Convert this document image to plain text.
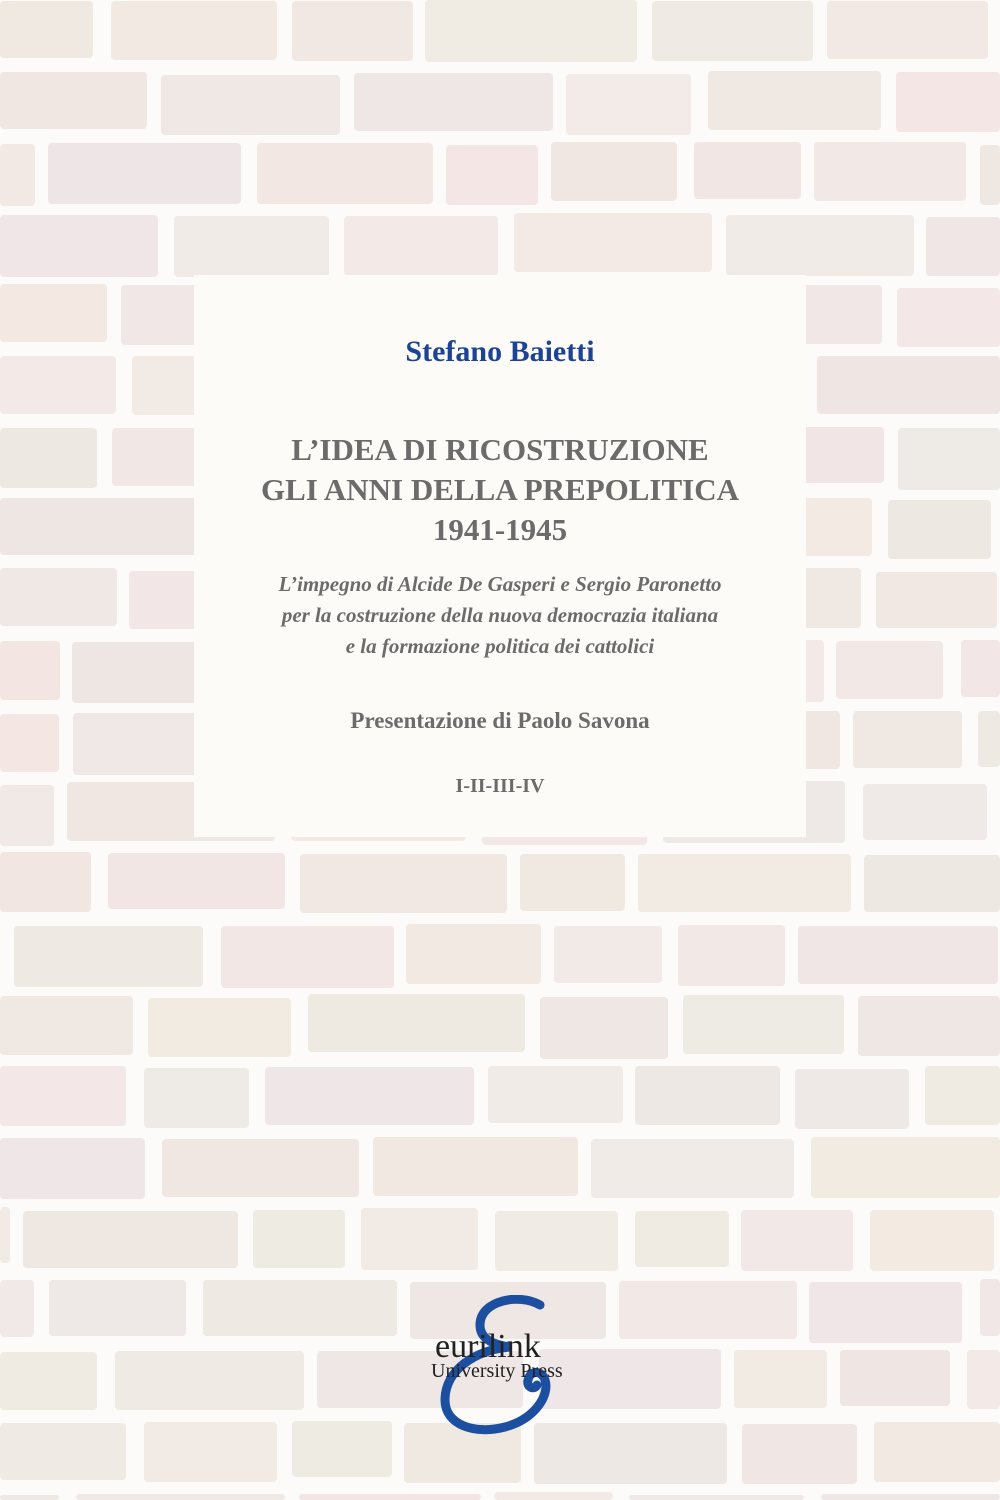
Stefano Baietti
L’IDEA DI RICOSTRUZIONE
GLI ANNI DELLA PREPOLITICA
1941-1945
L’impegno di Alcide De Gasperi e Sergio Paronetto
per la costruzione della nuova democrazia italiana
e la formazione politica dei cattolici
Presentazione di Paolo Savona
I-II-III-IV
eurilink
University Press
